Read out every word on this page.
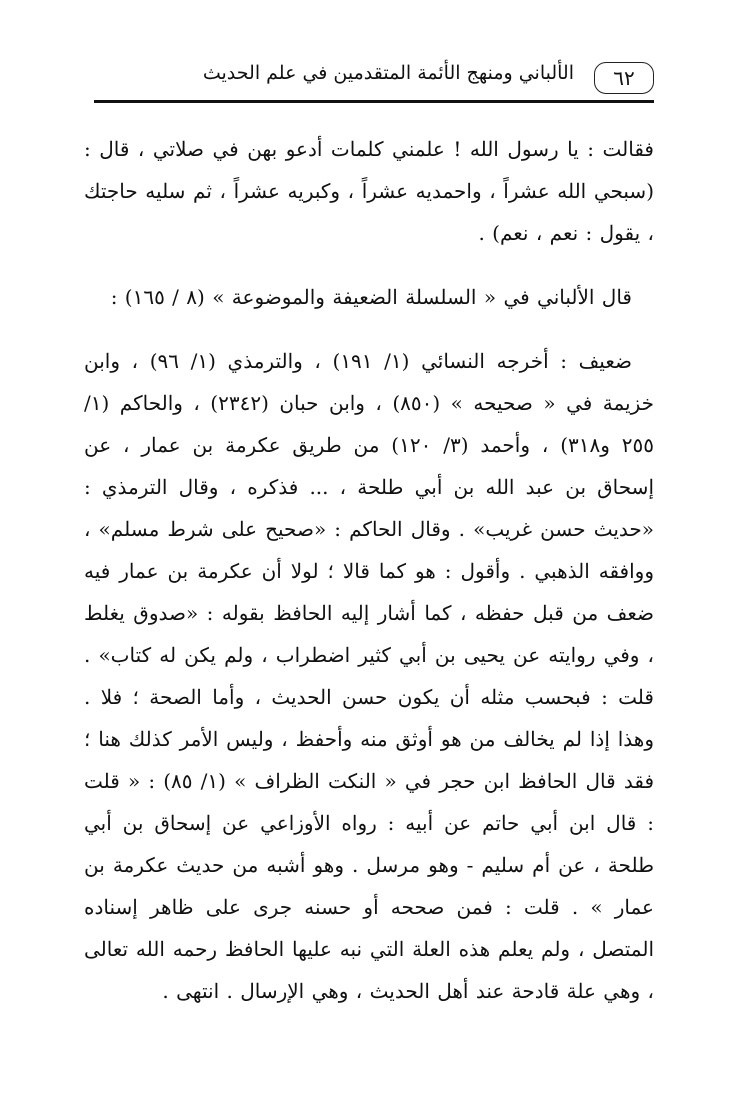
٦٢
الألباني ومنهج الأئمة المتقدمين في علم الحديث

فقالت : يا رسول الله ! علمني كلمات أدعو بهن في صلاتي ، قال : (سبحي الله عشراً ، واحمديه عشراً ، وكبريه عشراً ، ثم سليه حاجتك ، يقول : نعم ، نعم) .

قال الألباني في « السلسلة الضعيفة والموضوعة » (٨ / ١٦٥) :

ضعيف : أخرجه النسائي (١/ ١٩١) ، والترمذي (١/ ٩٦) ، وابن خزيمة في « صحيحه » (٨٥٠) ، وابن حبان (٢٣٤٢) ، والحاكم (١/ ٢٥٥ و٣١٨) ، وأحمد (٣/ ١٢٠) من طريق عكرمة بن عمار ، عن إسحاق بن عبد الله بن أبي طلحة ، ... فذكره ، وقال الترمذي : «حديث حسن غريب» . وقال الحاكم : «صحيح على شرط مسلم» ، ووافقه الذهبي . وأقول : هو كما قالا ؛ لولا أن عكرمة بن عمار فيه ضعف من قبل حفظه ، كما أشار إليه الحافظ بقوله : «صدوق يغلط ، وفي روايته عن يحيى بن أبي كثير اضطراب ، ولم يكن له كتاب» . قلت : فبحسب مثله أن يكون حسن الحديث ، وأما الصحة ؛ فلا . وهذا إذا لم يخالف من هو أوثق منه وأحفظ ، وليس الأمر كذلك هنا ؛ فقد قال الحافظ ابن حجر في « النكت الظراف » (١/ ٨٥) : « قلت : قال ابن أبي حاتم عن أبيه : رواه الأوزاعي عن إسحاق بن أبي طلحة ، عن أم سليم - وهو مرسل . وهو أشبه من حديث عكرمة بن عمار » . قلت : فمن صححه أو حسنه جرى على ظاهر إسناده المتصل ، ولم يعلم هذه العلة التي نبه عليها الحافظ رحمه الله تعالى ، وهي علة قادحة عند أهل الحديث ، وهي الإرسال . انتهى .
